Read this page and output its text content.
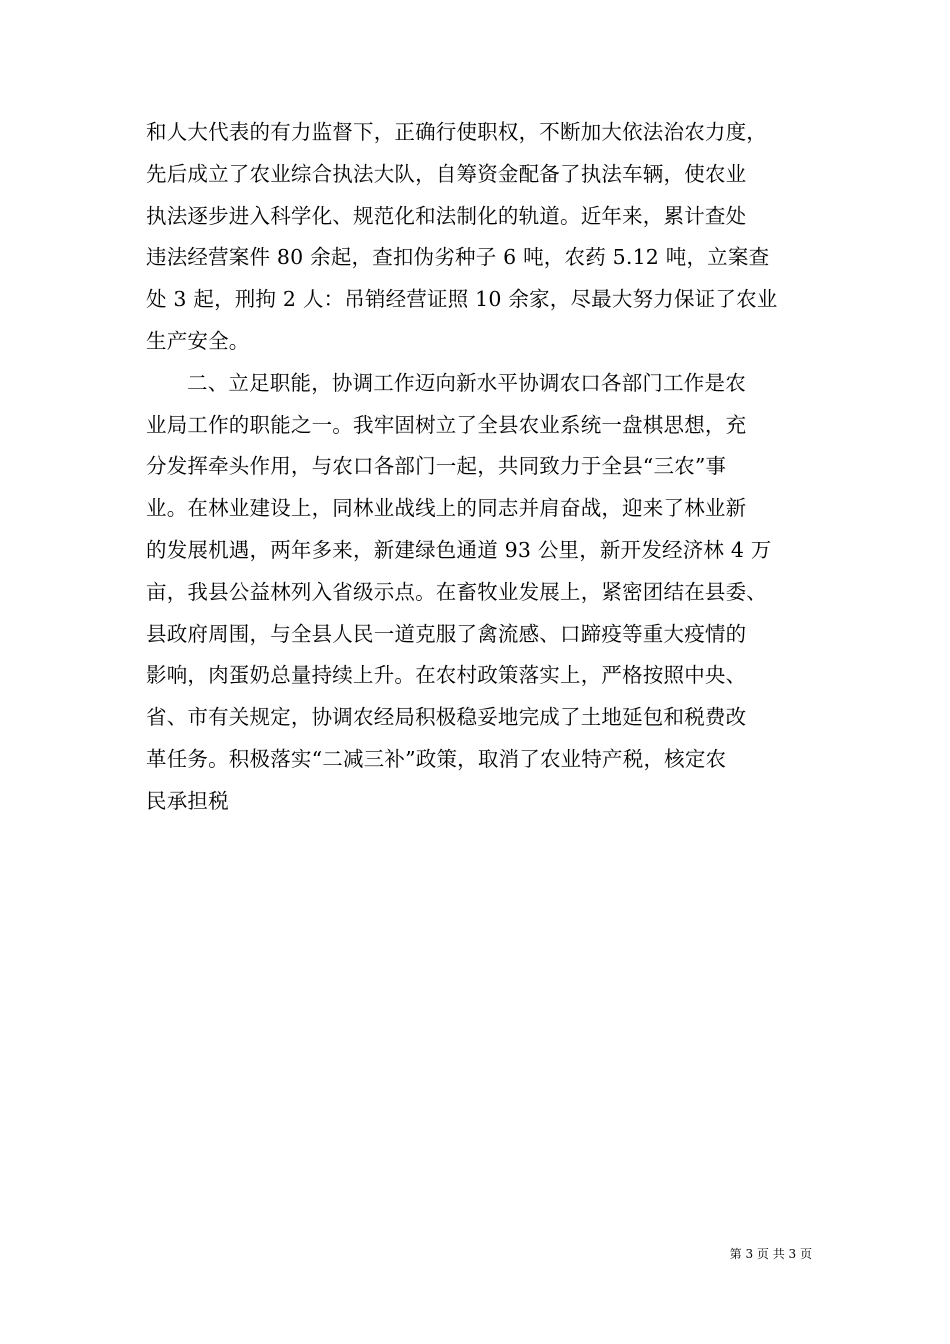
和人大代表的有力监督下，正确行使职权，不断加大依法治农力度，
先后成立了农业综合执法大队，自筹资金配备了执法车辆，使农业
执法逐步进入科学化、规范化和法制化的轨道。近年来，累计查处
违法经营案件 80 余起，查扣伪劣种子 6 吨，农药 5.12 吨，立案查
处 3 起，刑拘 2 人：吊销经营证照 10 余家，尽最大努力保证了农业
生产安全。
二、立足职能，协调工作迈向新水平协调农口各部门工作是农
业局工作的职能之一。我牢固树立了全县农业系统一盘棋思想，充
分发挥牵头作用，与农口各部门一起，共同致力于全县“三农”事
业。在林业建设上，同林业战线上的同志并肩奋战，迎来了林业新
的发展机遇，两年多来，新建绿色通道 93 公里，新开发经济林 4 万
亩，我县公益林列入省级示点。在畜牧业发展上，紧密团结在县委、
县政府周围，与全县人民一道克服了禽流感、口蹄疫等重大疫情的
影响，肉蛋奶总量持续上升。在农村政策落实上，严格按照中央、
省、市有关规定，协调农经局积极稳妥地完成了土地延包和税费改
革任务。积极落实“二减三补”政策，取消了农业特产税，核定农
民承担税
第 3 页 共 3 页
